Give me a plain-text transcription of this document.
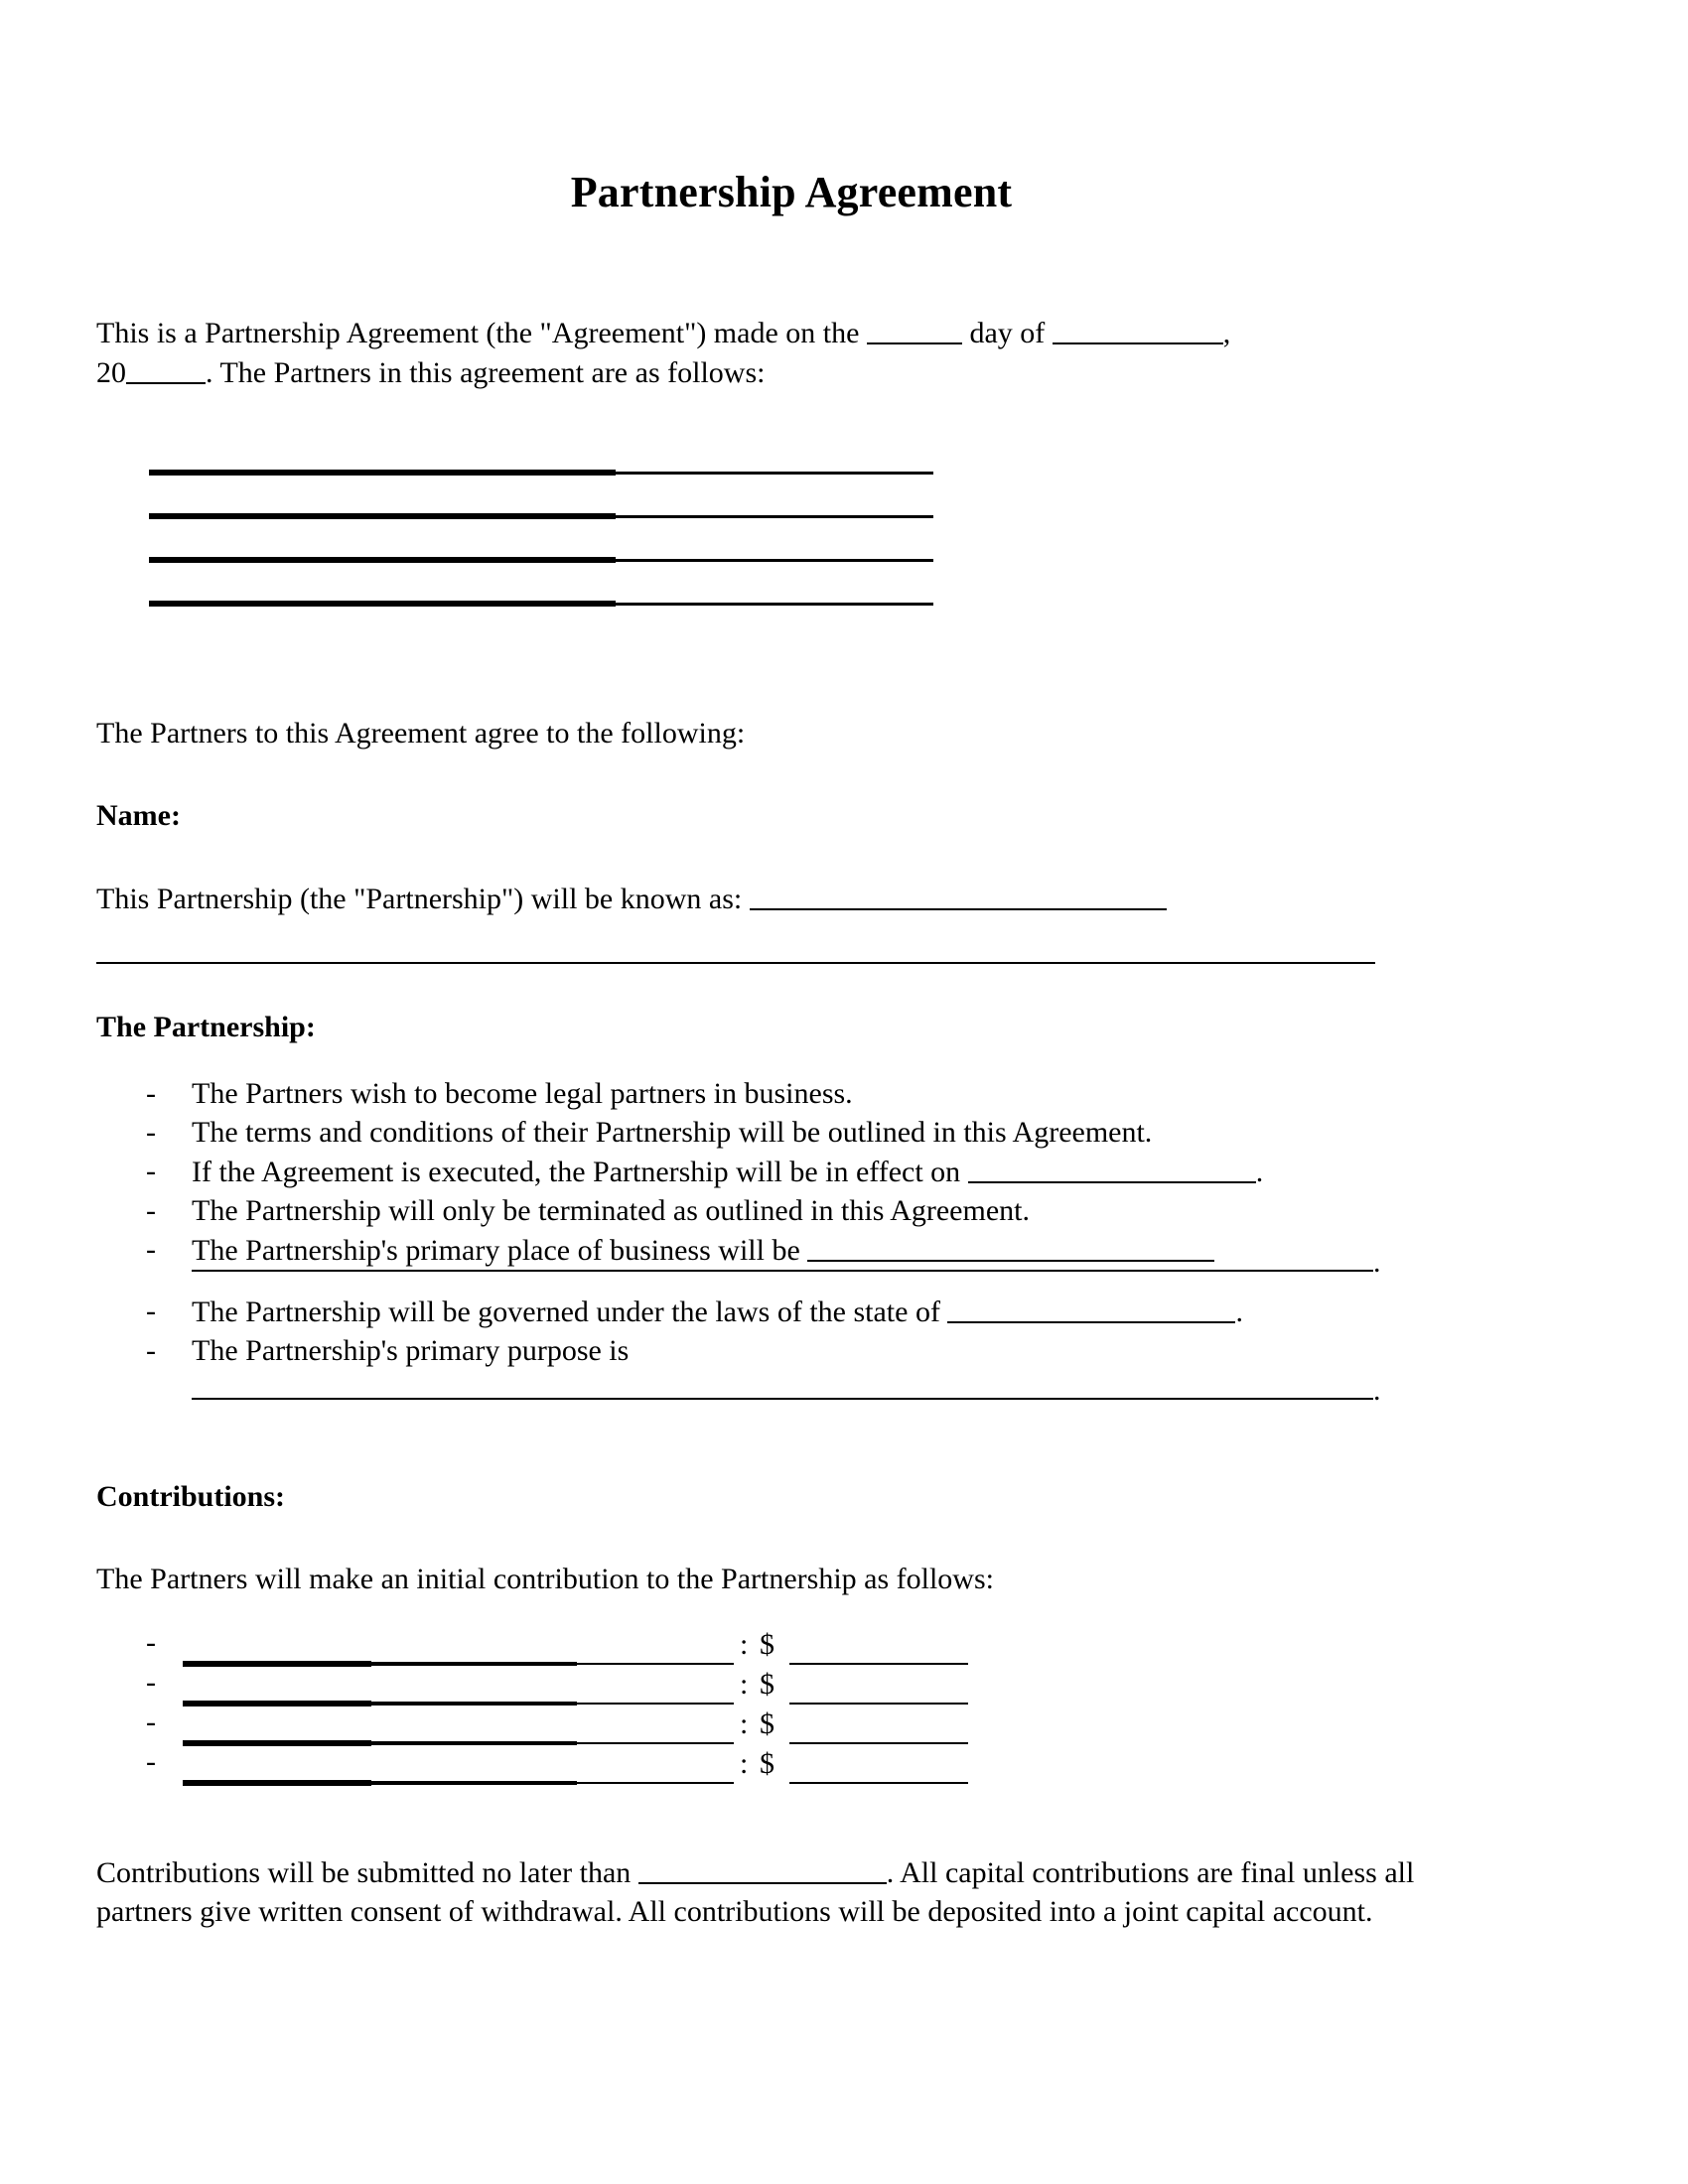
Partnership Agreement

This is a Partnership Agreement (the "Agreement") made on the	day of	,
20	. The Partners in this agreement are as follows:

The Partners to this Agreement agree to the following:

Name:

This Partnership (the "Partnership") will be known as:

The Partnership:

- The Partners wish to become legal partners in business.
- The terms and conditions of their Partnership will be outlined in this Agreement.
- If the Agreement is executed, the Partnership will be in effect on	.
- The Partnership will only be terminated as outlined in this Agreement.
- The Partnership's primary place of business will be	.
- The Partnership will be governed under the laws of the state of	.
- The Partnership's primary purpose is
.

Contributions:

The Partners will make an initial contribution to the Partnership as follows:

-	: $
-	: $
-	: $
-	: $

Contributions will be submitted no later than	. All capital contributions are final unless all partners give written consent of withdrawal. All contributions will be deposited into a joint capital account.
